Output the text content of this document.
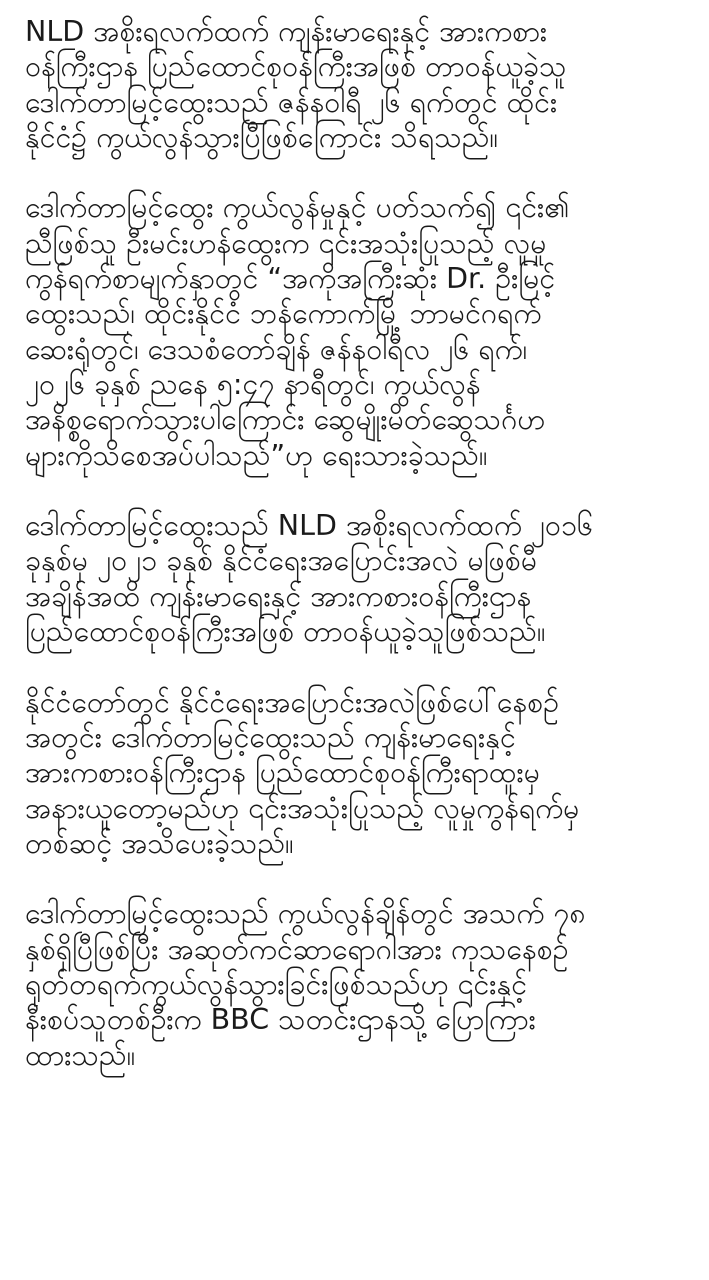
NLD အစိုးရလက်ထက် ကျန်းမာရေးနှင့် အားကစား
ဝန်ကြီးဌာန ပြည်ထောင်စုဝန်ကြီးအဖြစ် တာဝန်ယူခဲ့သူ
ဒေါက်တာမြင့်ထွေးသည် ဇန်နဝါရီ ၂၆ ရက်တွင် ထိုင်း
နိုင်ငံ၌ ကွယ်လွန်သွားပြီဖြစ်ကြောင်း သိရသည်။

ဒေါက်တာမြင့်ထွေး ကွယ်လွန်မှုနှင့် ပတ်သက်၍ ၎င်း၏
ညီဖြစ်သူ ဦးမင်းဟန်ထွေးက ၎င်းအသုံးပြုသည့် လူမှု
ကွန်ရက်စာမျက်နှာတွင် “အကိုအကြီးဆုံး Dr. ဦးမြင့်
ထွေးသည်၊ ထိုင်းနိုင်ငံ ဘန်ကောက်မြို့ ဘာမင်ဂရက်
ဆေးရုံတွင်၊ ဒေသစံတော်ချိန် ဇန်နဝါရီလ ၂၆ ရက်၊
၂၀၂၆ ခုနှစ် ညနေ ၅:၄၇ နာရီတွင်၊ ကွယ်လွန်
အနိစ္စရောက်သွားပါကြောင်း ဆွေမျိုးမိတ်ဆွေသင်္ဂဟ
များကိုသိစေအပ်ပါသည်”ဟု ရေးသားခဲ့သည်။

ဒေါက်တာမြင့်ထွေးသည် NLD အစိုးရလက်ထက် ၂၀၁၆
ခုနှစ်မှ ၂၀၂၁ ခုနှစ် နိုင်ငံရေးအပြောင်းအလဲ မဖြစ်မီ
အချိန်အထိ ကျန်းမာရေးနှင့် အားကစားဝန်ကြီးဌာန
ပြည်ထောင်စုဝန်ကြီးအဖြစ် တာဝန်ယူခဲ့သူဖြစ်သည်။

နိုင်ငံတော်တွင် နိုင်ငံရေးအပြောင်းအလဲဖြစ်ပေါ်နေစဉ်
အတွင်း ဒေါက်တာမြင့်ထွေးသည် ကျန်းမာရေးနှင့်
အားကစားဝန်ကြီးဌာန ပြည်ထောင်စုဝန်ကြီးရာထူးမှ
အနားယူတော့မည်ဟု ၎င်းအသုံးပြုသည့် လူမှုကွန်ရက်မှ
တစ်ဆင့် အသိပေးခဲ့သည်။

ဒေါက်တာမြင့်ထွေးသည် ကွယ်လွန်ချိန်တွင် အသက် ၇၈
နှစ်ရှိပြီဖြစ်ပြီး အဆုတ်ကင်ဆာရောဂါအား ကုသနေစဉ်
ရုတ်တရက်ကွယ်လွန်သွားခြင်းဖြစ်သည်ဟု ၎င်းနှင့်
နီးစပ်သူတစ်ဦးက BBC သတင်းဌာနသို့ ပြောကြား
ထားသည်။
